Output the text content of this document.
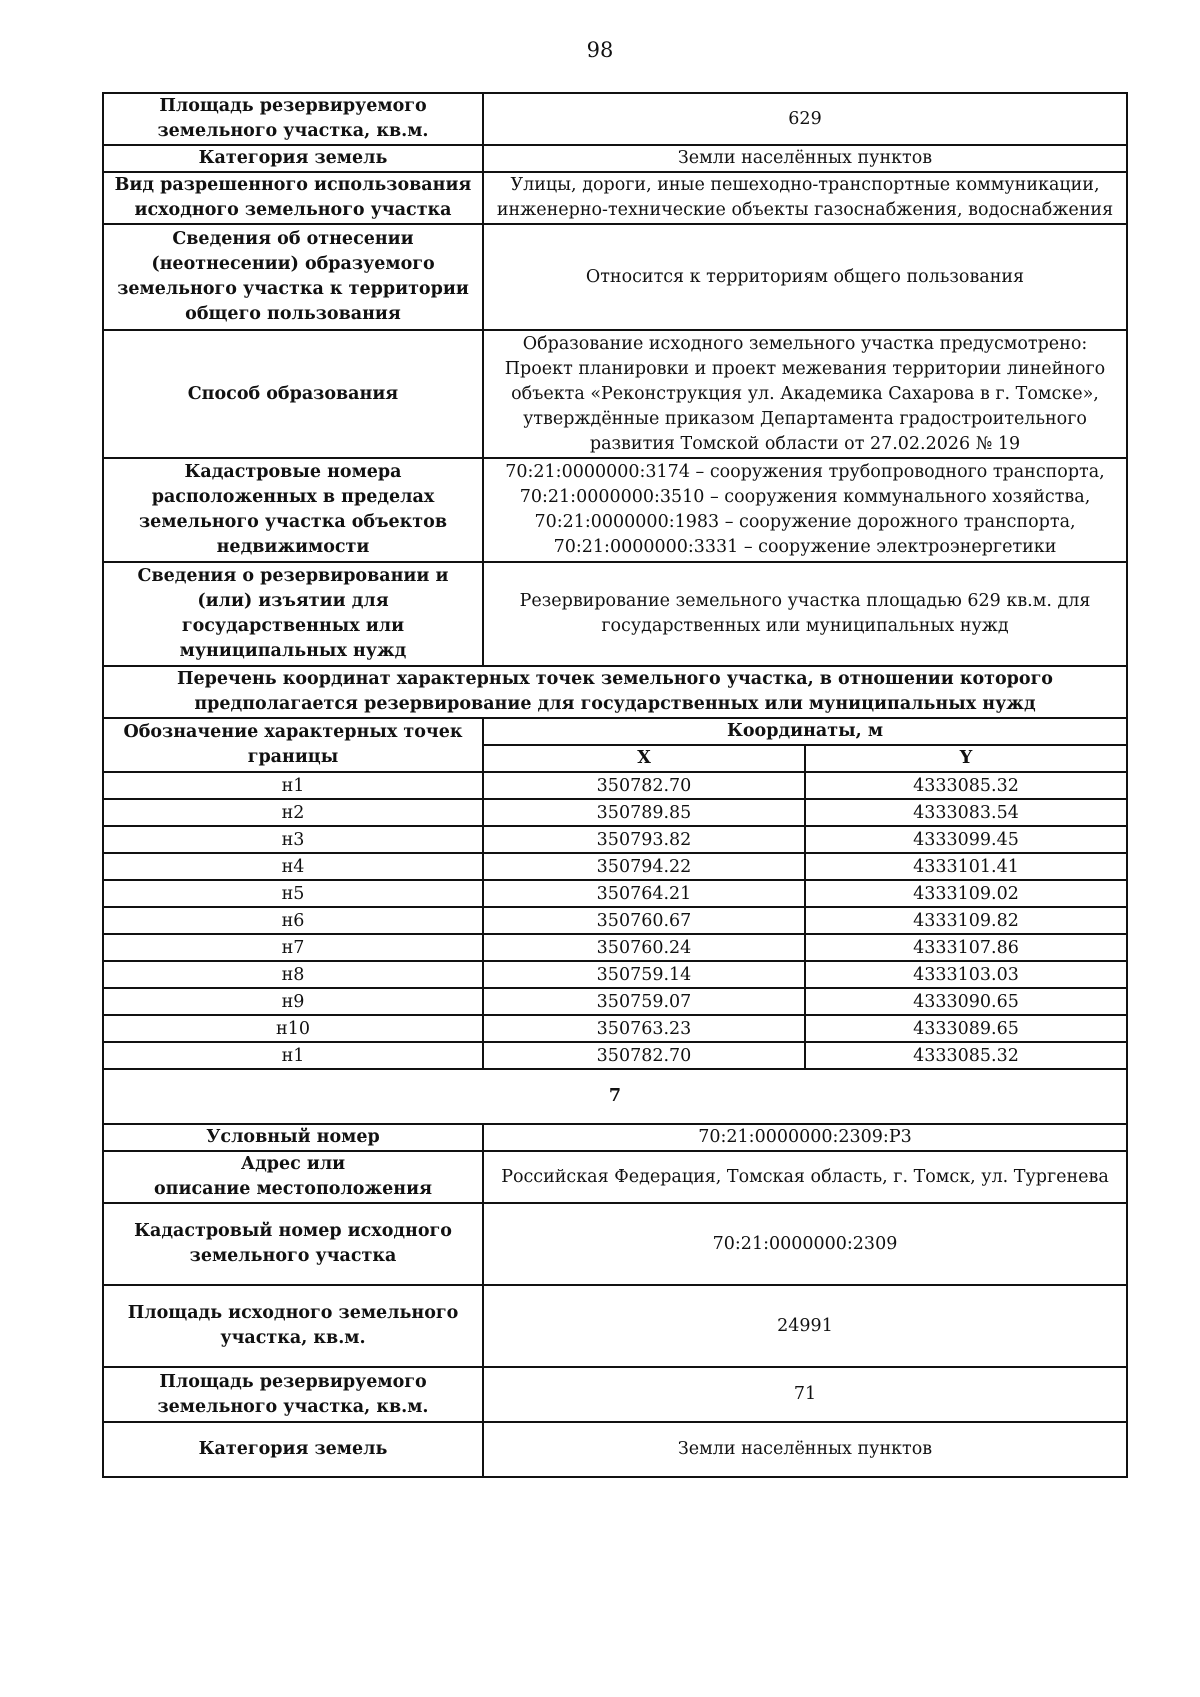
98
Площадь резервируемого земельного участка, кв.м.	629	
Категория земель	Земли населённых пунктов	
Вид разрешенного использования исходного земельного участка	Улицы, дороги, иные пешеходно-транспортные коммуникации,
инженерно-технические объекты газоснабжения, водоснабжения	

Сведения об отнесении (неотнесении) образуемого земельного участка к территории общего пользования	Относится к территориям общего пользования	
Способ образования	Образование исходного земельного участка предусмотрено:
Проект планировки и проект межевания территории линейного
объекта «Реконструкция ул. Академика Сахарова в г. Томске»,
утверждённые приказом Департамента градостроительного
развития Томской области от 27.02.2026 № 19	

Кадастровые номера расположенных в пределах земельного участка объектов недвижимости	70:21:0000000:3174 – сооружения трубопроводного транспорта,
70:21:0000000:3510 – сооружения коммунального хозяйства,
70:21:0000000:1983 – сооружение дорожного транспорта,
70:21:0000000:3331 – сооружение электроэнергетики	

Сведения о резервировании и (или) изъятии для государственных или муниципальных нужд	Резервирование земельного участка площадью 629 кв.м. для
государственных или муниципальных нужд	

Перечень координат характерных точек земельного участка, в отношении которого
предполагается резервирование для государственных или муниципальных нужд		

Обозначение характерных точек границы	Координаты, м	
	X	Y
н1	350782.70	4333085.32
н2	350789.85	4333083.54
н3	350793.82	4333099.45
н4	350794.22	4333101.41
н5	350764.21	4333109.02
н6	350760.67	4333109.82
н7	350760.24	4333107.86
н8	350759.14	4333103.03
н9	350759.07	4333090.65
н10	350763.23	4333089.65
н1	350782.70	4333085.32
7		
Условный номер	70:21:0000000:2309:Р3	

Адрес или
описание местоположения	Российская Федерация, Томская область, г. Томск, ул. Тургенева	
Кадастровый номер исходного земельного участка	70:21:0000000:2309	
Площадь исходного земельного участка, кв.м.	24991	
Площадь резервируемого земельного участка, кв.м.	71	
Категория земель	Земли населённых пунктов	
